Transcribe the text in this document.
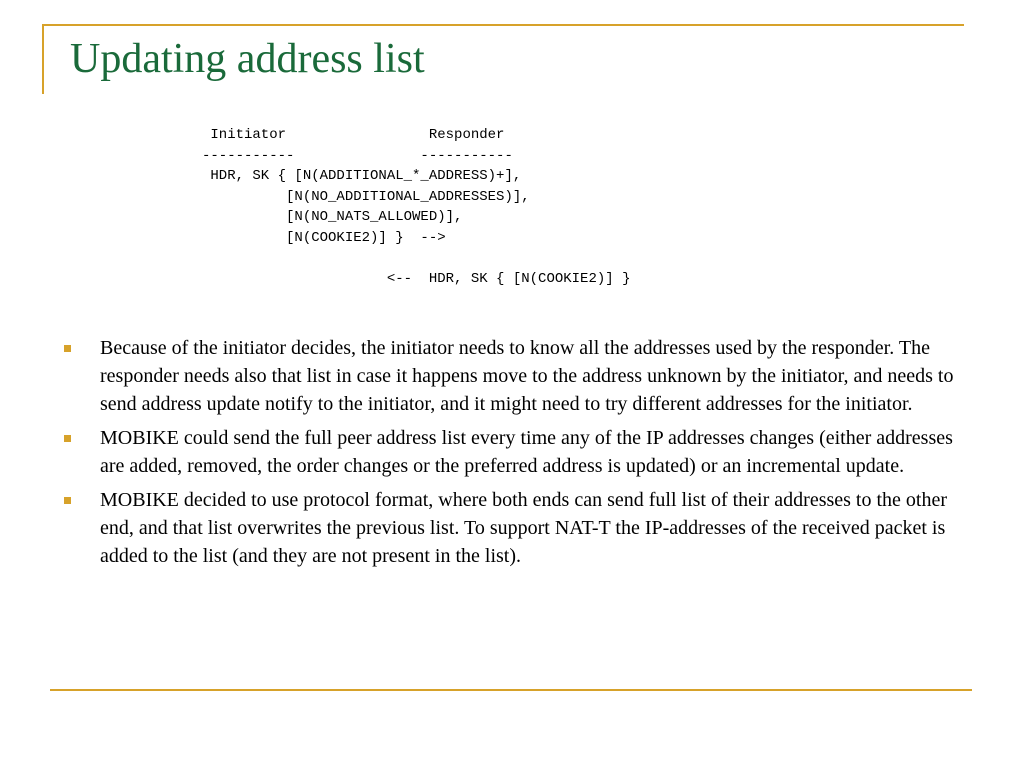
Updating address list
Initiator                 Responder
-----------               -----------
HDR, SK { [N(ADDITIONAL_*_ADDRESS)+],
[N(NO_ADDITIONAL_ADDRESSES)],
[N(NO_NATS_ALLOWED)],
[N(COOKIE2)] }  -->

<--  HDR, SK { [N(COOKIE2)] }
Because of the initiator decides, the initiator needs to know all the addresses used by the responder. The responder needs also that list in case it happens move to the address unknown by the initiator, and needs to send address update notify to the initiator, and it might need to try different addresses for the initiator.
MOBIKE could send the full peer address list every time any of the IP addresses changes (either addresses are added, removed, the order changes or the preferred address is updated) or an incremental update.
MOBIKE decided to use protocol format, where both ends can send full list of their addresses to the other end, and that list overwrites the previous list. To support NAT-T the IP-addresses of the received packet is added to the list (and they are not present in the list).
